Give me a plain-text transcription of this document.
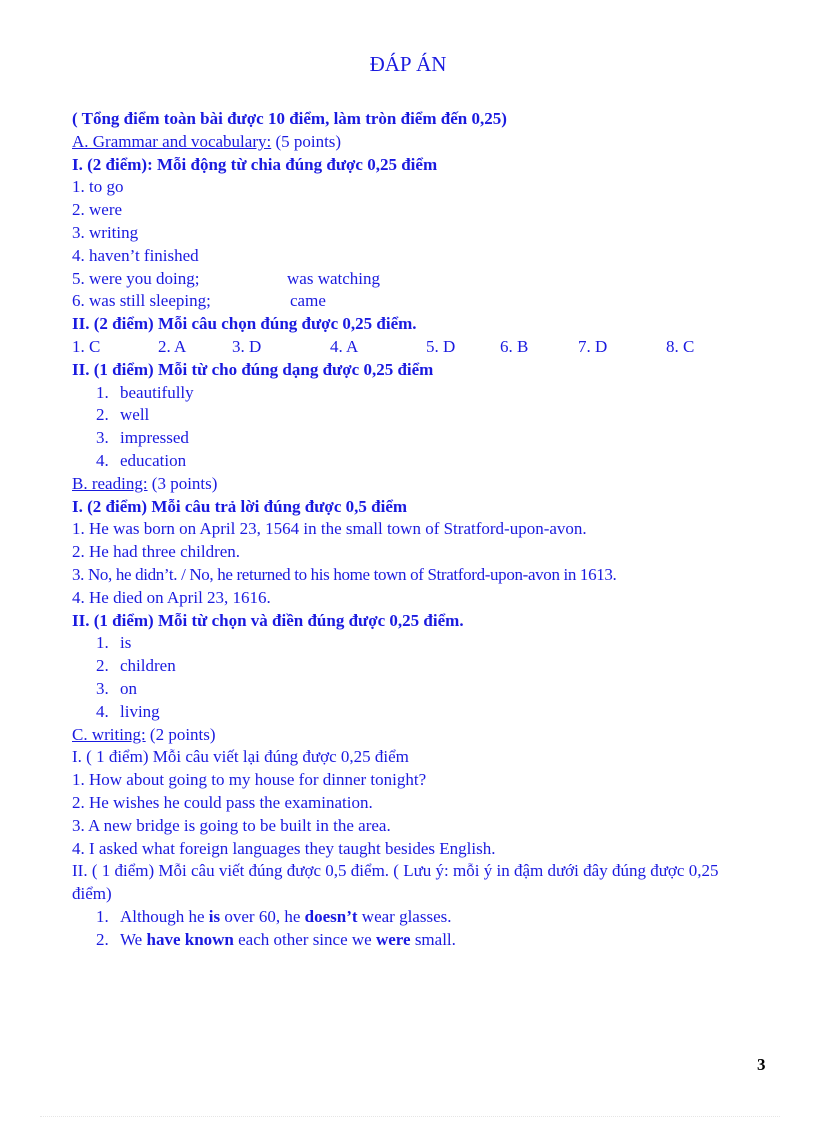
ĐÁP ÁN
( Tổng điểm toàn bài được 10 điểm, làm tròn điểm đến 0,25)
A. Grammar and vocabulary: (5 points)
I. (2 điểm): Mỗi động từ chia đúng được 0,25 điểm
1. to go
2. were
3. writing
4. haven’t finished
5. were you doing;	was watching
6. was still sleeping;	came
II. (2 điểm) Mỗi câu chọn đúng được 0,25 điểm.
1. C	2. A	3. D	4. A	5. D	6. B	7. D	8. C
II. (1 điểm) Mỗi từ cho đúng dạng được 0,25 điểm
1. beautifully
2. well
3. impressed
4. education
B. reading: (3 points)
I. (2 điểm) Mỗi câu trả lời đúng được 0,5 điểm
1. He was born on April 23, 1564 in the small town of Stratford-upon-avon.
2. He had three children.
3. No, he didn’t. / No, he returned to his home town of Stratford-upon-avon in 1613.
4. He died on April 23, 1616.
II. (1 điểm) Mỗi từ chọn và điền đúng được 0,25 điểm.
1. is
2. children
3. on
4. living
C. writing: (2 points)
I. ( 1 điểm) Mỗi câu viết lại đúng được 0,25 điểm
1. How about going to my house for dinner tonight?
2. He wishes he could pass the examination.
3. A new bridge is going to be built in the area.
4. I asked what foreign languages they taught besides English.
II. ( 1 điểm) Mỗi câu viết đúng được 0,5 điểm. ( Lưu ý: mỗi ý in đậm dưới đây đúng được 0,25 điểm)
1. Although he is over 60, he doesn’t wear glasses.
2. We have known each other since we were small.
3
